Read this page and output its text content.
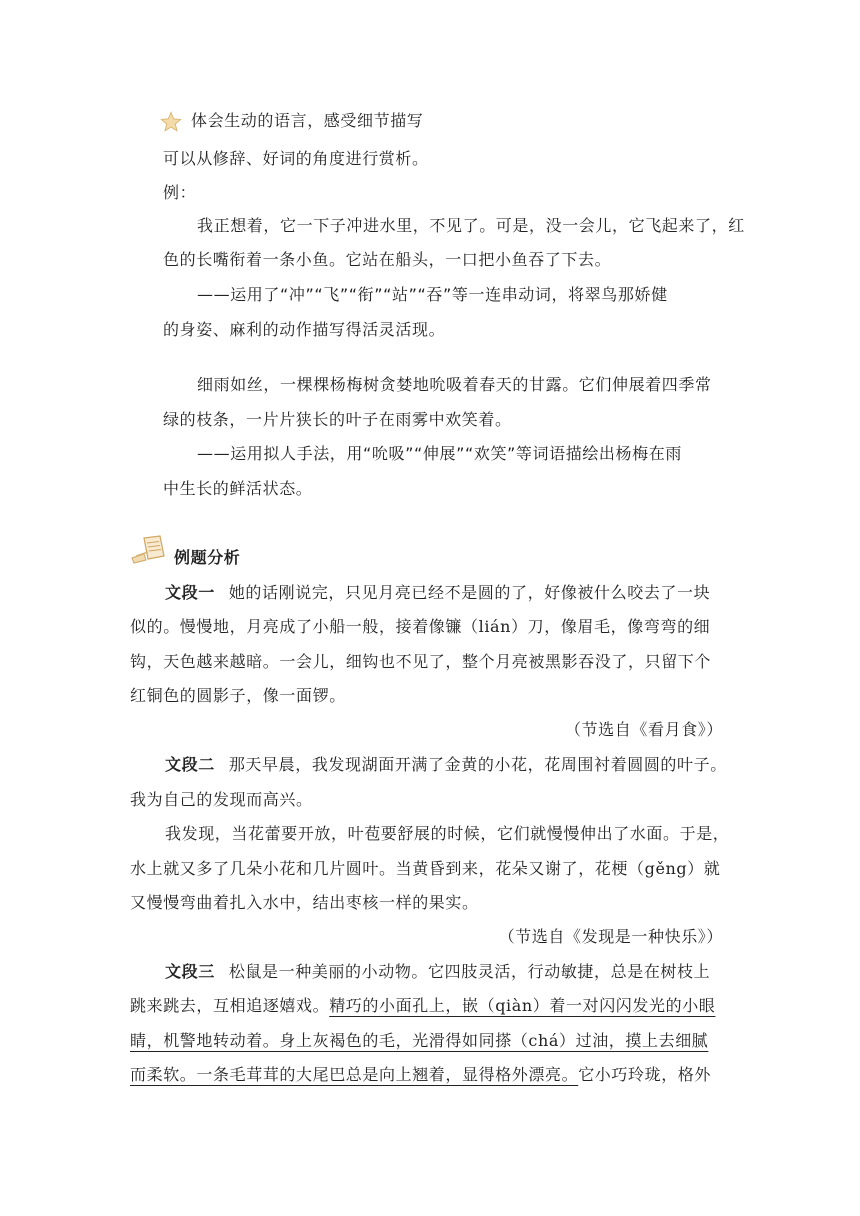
体会生动的语言，感受细节描写
可以从修辞、好词的角度进行赏析。
例：
我正想着，它一下子冲进水里，不见了。可是，没一会儿，它飞起来了，红
色的长嘴衔着一条小鱼。它站在船头，一口把小鱼吞了下去。
——运用了“冲”“飞”“衔”“站”“吞”等一连串动词，将翠鸟那娇健
的身姿、麻利的动作描写得活灵活现。
细雨如丝，一棵棵杨梅树贪婪地吮吸着春天的甘露。它们伸展着四季常
绿的枝条，一片片狭长的叶子在雨雾中欢笑着。
——运用拟人手法，用“吮吸”“伸展”“欢笑”等词语描绘出杨梅在雨
中生长的鲜活状态。
例题分析
文段一 她的话刚说完，只见月亮已经不是圆的了，好像被什么咬去了一块
似的。慢慢地，月亮成了小船一般，接着像镰（lián）刀，像眉毛，像弯弯的细
钩，天色越来越暗。一会儿，细钩也不见了，整个月亮被黑影吞没了，只留下个
红铜色的圆影子，像一面锣。
（节选自《看月食》）
文段二 那天早晨，我发现湖面开满了金黄的小花，花周围衬着圆圆的叶子。
我为自己的发现而高兴。
我发现，当花蕾要开放，叶苞要舒展的时候，它们就慢慢伸出了水面。于是，
水上就又多了几朵小花和几片圆叶。当黄昏到来，花朵又谢了，花梗（gěng）就
又慢慢弯曲着扎入水中，结出枣核一样的果实。
（节选自《发现是一种快乐》）
文段三 松鼠是一种美丽的小动物。它四肢灵活，行动敏捷，总是在树枝上
跳来跳去，互相追逐嬉戏。精巧的小面孔上，嵌（qiàn）着一对闪闪发光的小眼
睛，机警地转动着。身上灰褐色的毛，光滑得如同搽（chá）过油，摸上去细腻
而柔软。一条毛茸茸的大尾巴总是向上翘着，显得格外漂亮。它小巧玲珑，格外
